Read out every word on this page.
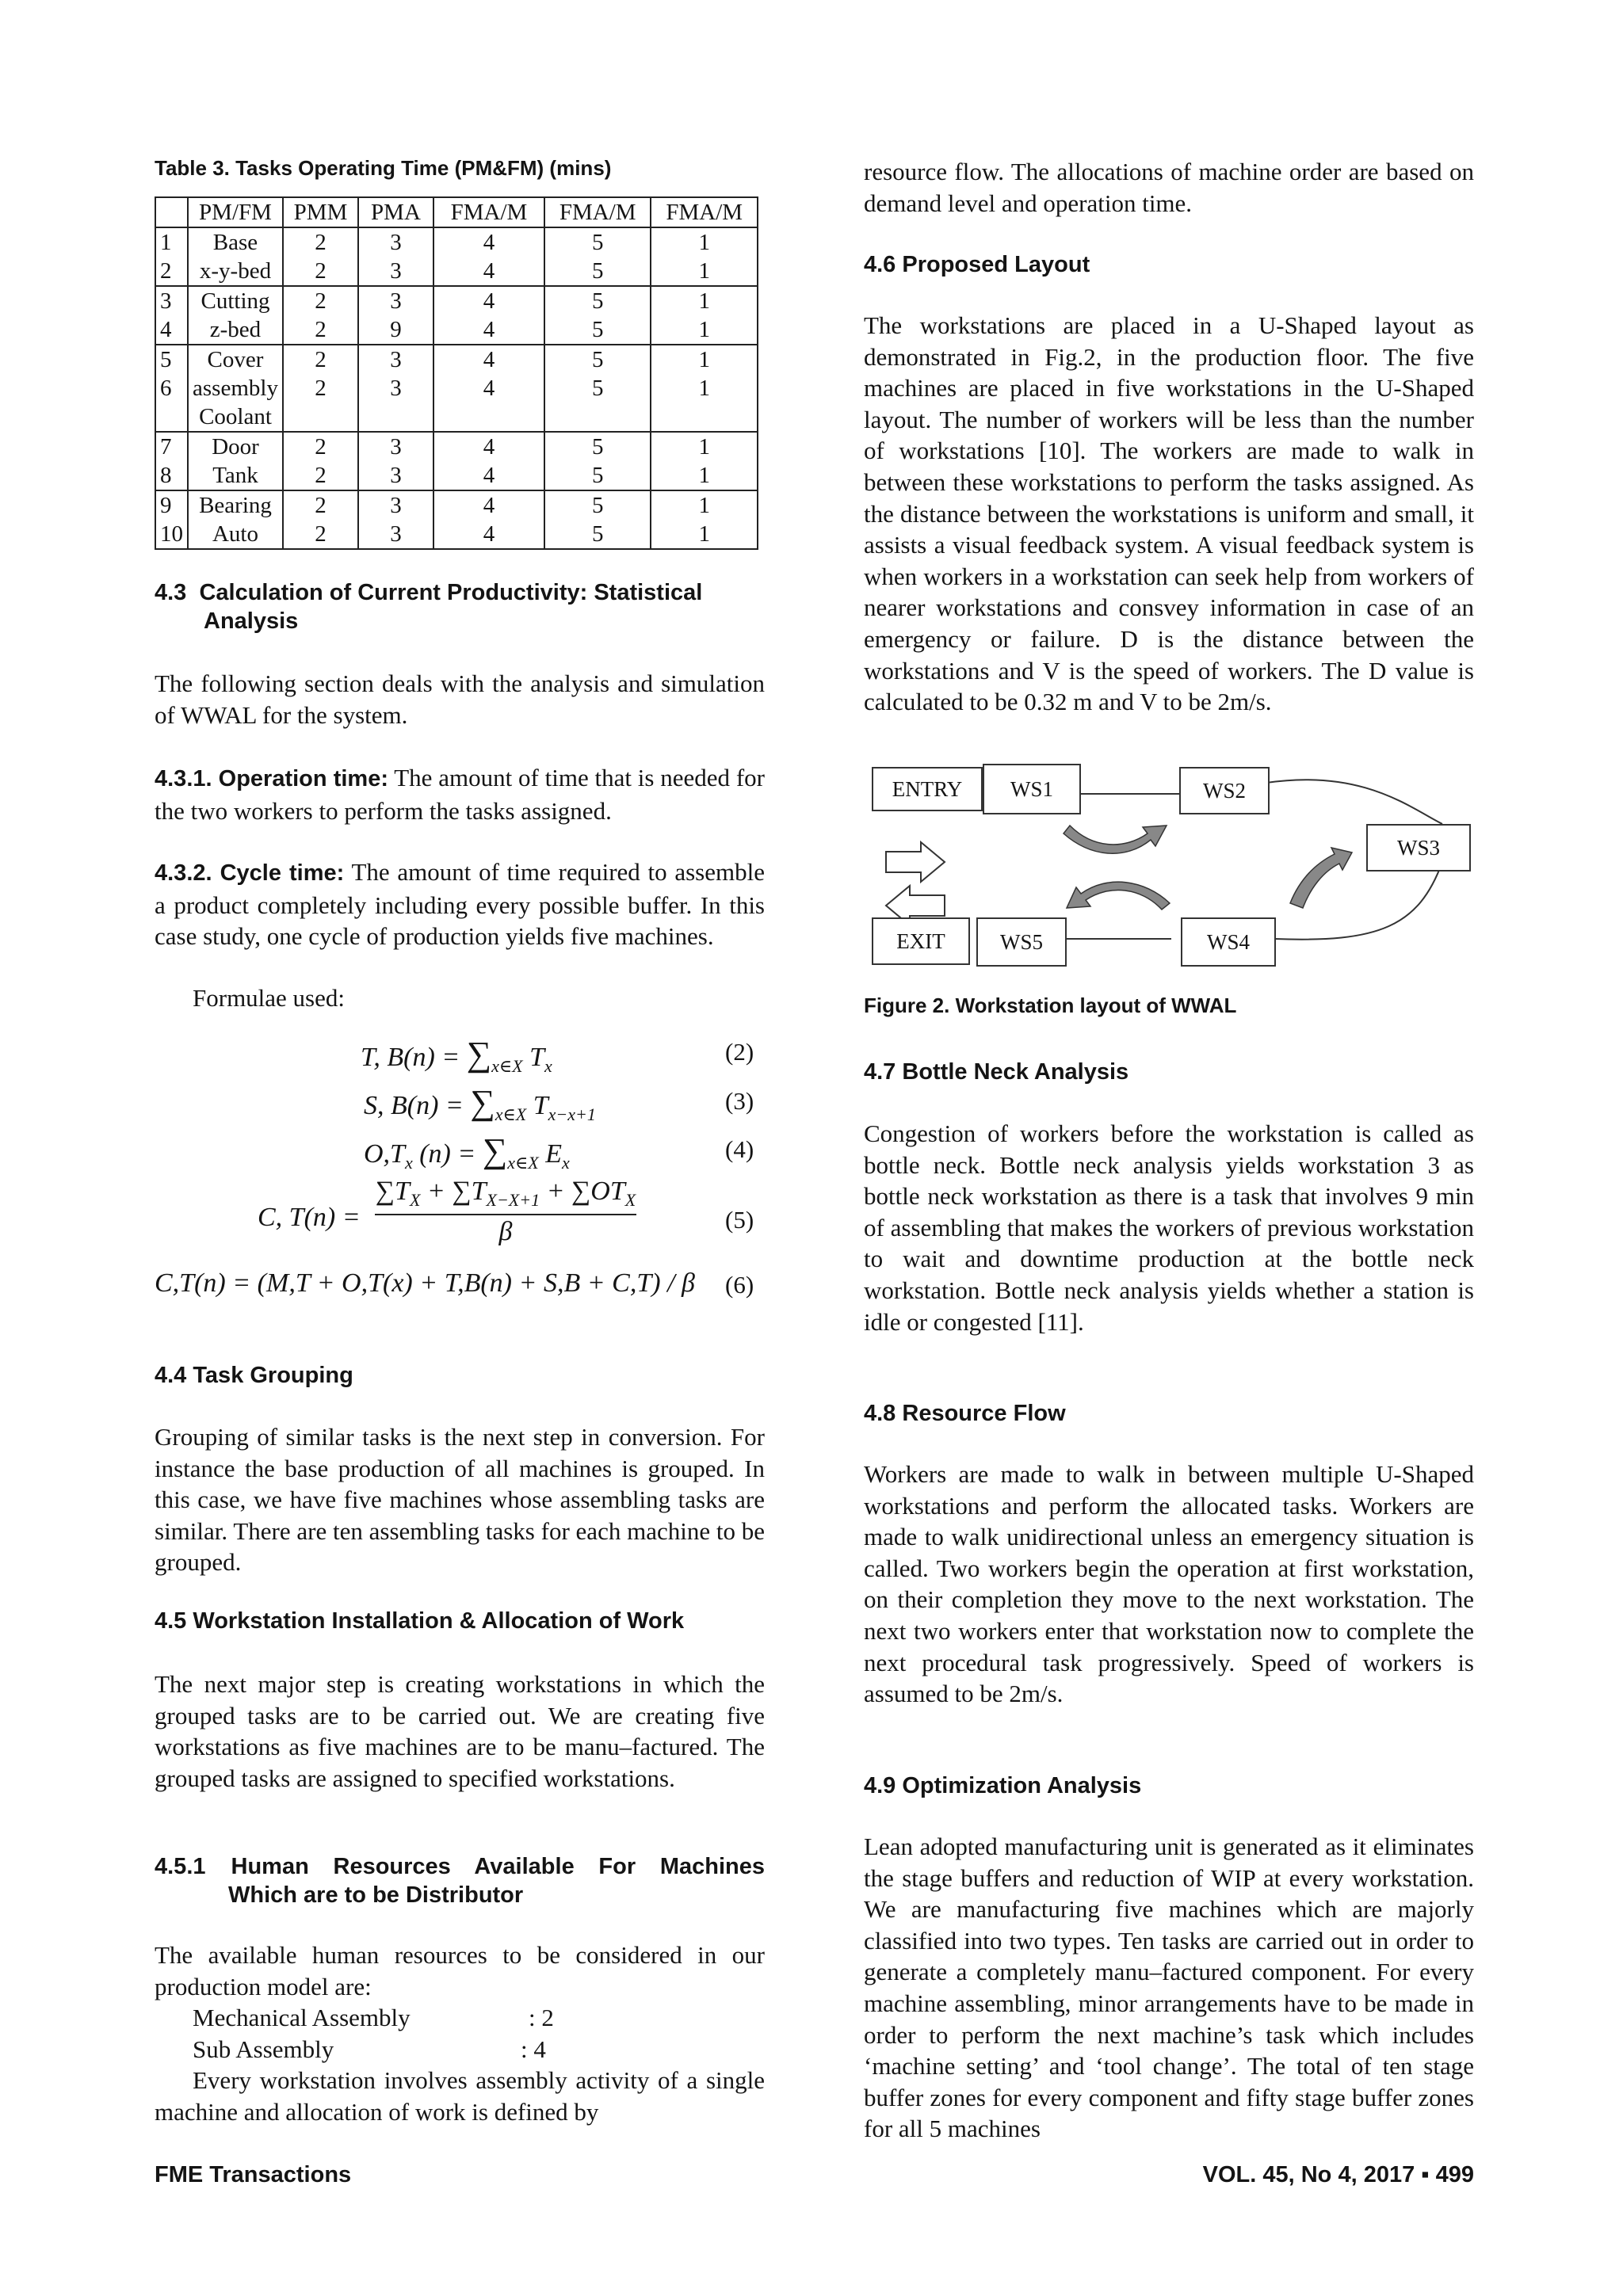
Table 3. Tasks Operating Time (PM&FM) (mins)
	PM/FM	PMM	PMA	FMA/M	FMA/M	FMA/M
1	Base	2	3	4	5	1
2	x-y-bed	2	3	4	5	1
3	Cutting	2	3	4	5	1
4	z-bed	2	9	4	5	1
5	Cover	2	3	4	5	1
6	assembly	2	3	4	5	1
	Coolant					
7	Door	2	3	4	5	1
8	Tank	2	3	4	5	1
9	Bearing	2	3	4	5	1
10	Auto	2	3	4	5	1
4.3 Calculation of Current Productivity: Statistical
Analysis

The following section deals with the analysis and simulation of WWAL for the system.

4.3.1. Operation time: The amount of time that is needed for the two workers to perform the tasks assigned.

4.3.2. Cycle time: The amount of time required to assemble a product completely including every possible buffer. In this case study, one cycle of production yields five machines.

Formulae used:

T, $B(n) = \sum_{x\in X}$ $T_x$
(2)
S, $B(n) = \sum_{x\in X}$ $T_{x-x+1}$	(3)
$O,T_x$ $(n) = \sum_{x\in X}$ $E_x$	(4)
C, T(n) =
$\sum T_X + \sum T_{X-X+1} + \sum OT_X$
β	(5)
C,T(n) = (M,T + O,T(x) + T,B(n) + S,B + C,T) / β (6)
4.4 Task Grouping

Grouping of similar tasks is the next step in conversion. For instance the base production of all machines is grouped. In this case, we have five machines whose assembling tasks are similar. There are ten assembling tasks for each machine to be grouped.

4.5 Workstation Installation & Allocation of Work

The next major step is creating workstations in which the grouped tasks are to be carried out. We are creating five workstations as five machines are to be manu–factured. The grouped tasks are assigned to specified workstations.

4.5.1 Human Resources Available For Machines
Which are to be Distributor

The available human resources to be considered in our production model are:

Mechanical Assembly	: 2
Sub Assembly	: 4

Every workstation involves assembly activity of a single machine and allocation of work is defined by

resource flow. The allocations of machine order are based on demand level and operation time.

4.6 Proposed Layout

The workstations are placed in a U-Shaped layout as demonstrated in Fig.2, in the production floor. The five machines are placed in five workstations in the U-Shaped layout. The number of workers will be less than the number of workstations [10]. The workers are made to walk in between these workstations to perform the tasks assigned. As the distance between the workstations is uniform and small, it assists a visual feedback system. A visual feedback system is when workers in a workstation can seek help from workers of nearer workstations and consvey information in case of an emergency or failure. D is the distance between the workstations and V is the speed of workers. The D value is calculated to be 0.32 m and V to be 2m/s.

ENTRY	WS1	WS2
WS3
EXIT	WS5	WS4
Figure 2. Workstation layout of WWAL
4.7 Bottle Neck Analysis

Congestion of workers before the workstation is called as bottle neck. Bottle neck analysis yields workstation 3 as bottle neck workstation as there is a task that involves 9 min of assembling that makes the workers of previous workstation to wait and downtime production at the bottle neck workstation. Bottle neck analysis yields whether a station is idle or congested [11].

4.8 Resource Flow

Workers are made to walk in between multiple U-Shaped workstations and perform the allocated tasks. Workers are made to walk unidirectional unless an emergency situation is called. Two workers begin the operation at first workstation, on their completion they move to the next workstation. The next two workers enter that workstation now to complete the next procedural task progressively. Speed of workers is assumed to be 2m/s.

4.9 Optimization Analysis

Lean adopted manufacturing unit is generated as it eliminates the stage buffers and reduction of WIP at every workstation. We are manufacturing five machines which are majorly classified into two types. Ten tasks are carried out in order to generate a completely manu–factured component. For every machine assembling, minor arrangements have to be made in order to perform the next machine’s task which includes ‘machine setting’ and ‘tool change’. The total of ten stage buffer zones for every component and fifty stage buffer zones for all 5 machines

FME Transactions	VOL. 45, No 4, 2017 ▪ 499
